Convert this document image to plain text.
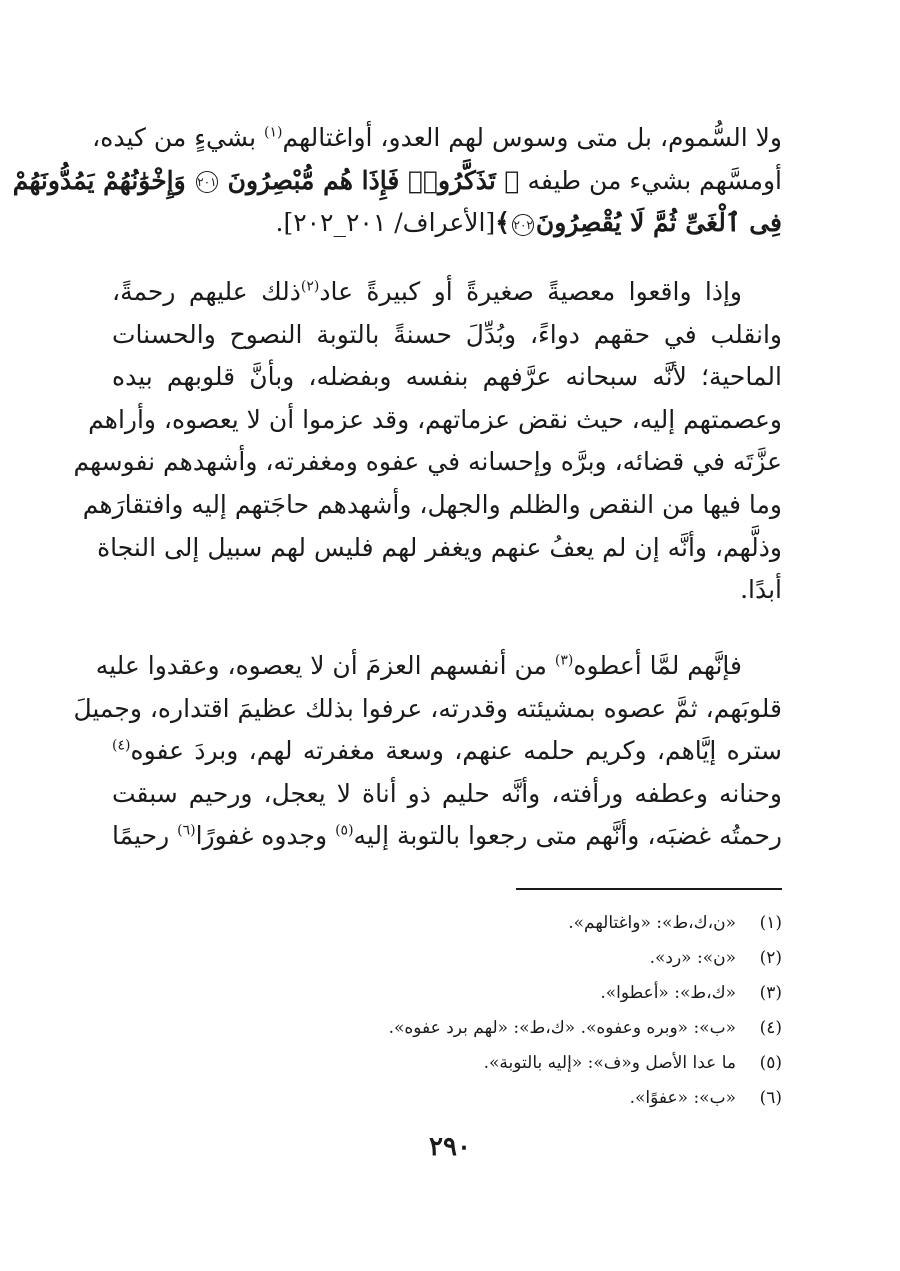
ولا السُّموم، بل متى وسوس لهم العدو، أواغتالهم$^{(١)}$ بشيءٍ من كيده،
أومسَّهم بشيء من طيفه ﴿ تَذَكَّرُوا۟ فَإِذَا هُم مُّبْصِرُونَ ٢٠١ وَإِخْوَٰنُهُمْ يَمُدُّونَهُمْ
فِى ٱلْغَىِّ ثُمَّ لَا يُقْصِرُونَ٢٠٢﴾[الأعراف/ ٢٠١_٢٠٢].

وإذا واقعوا معصيةً صغيرةً أو كبيرةً عاد$^{(٢)}$ذلك عليهم رحمةً،
وانقلب في حقهم دواءً، وبُدِّلَ حسنةً بالتوبة النصوح والحسنات
الماحية؛ لأنَّه سبحانه عرَّفهم بنفسه وبفضله، وبأنَّ قلوبهم بيده
وعصمتهم إليه، حيث نقض عزماتهم، وقد عزموا أن لا يعصوه، وأراهم
عزَّتَه في قضائه، وبرَّه وإحسانه في عفوه ومغفرته، وأشهدهم نفوسهم
وما فيها من النقص والظلم والجهل، وأشهدهم حاجَتهم إليه وافتقارَهم
وذلَّهم، وأنَّه إن لم يعفُ عنهم ويغفر لهم فليس لهم سبيل إلى النجاة
أبدًا.

فإنَّهم لمَّا أعطوه$^{(٣)}$ من أنفسهم العزمَ أن لا يعصوه، وعقدوا عليه
قلوبَهم، ثمَّ عصوه بمشيئته وقدرته، عرفوا بذلك عظيمَ اقتداره، وجميلَ
ستره إيَّاهم، وكريم حلمه عنهم، وسعة مغفرته لهم، وبردَ عفوه$^{(٤)}$
وحنانه وعطفه ورأفته، وأنَّه حليم ذو أناة لا يعجل، ورحيم سبقت
رحمتُه غضبَه، وأنَّهم متى رجعوا بالتوبة إليه$^{(٥)}$ وجدوه غفورًا$^{(٦)}$ رحيمًا

(١)
«ن،ك،ط»: «واغتالهم».
(٢)
«ن»: «رد».
(٣)
«ك،ط»: «أعطوا».
(٤)
«ب»: «وبره وعفوه». «ك،ط»: «لهم برد عفوه».
(٥)
ما عدا الأصل و«ف»: «إليه بالتوبة».
(٦)
«ب»: «عفوًا».
٢٩٠
